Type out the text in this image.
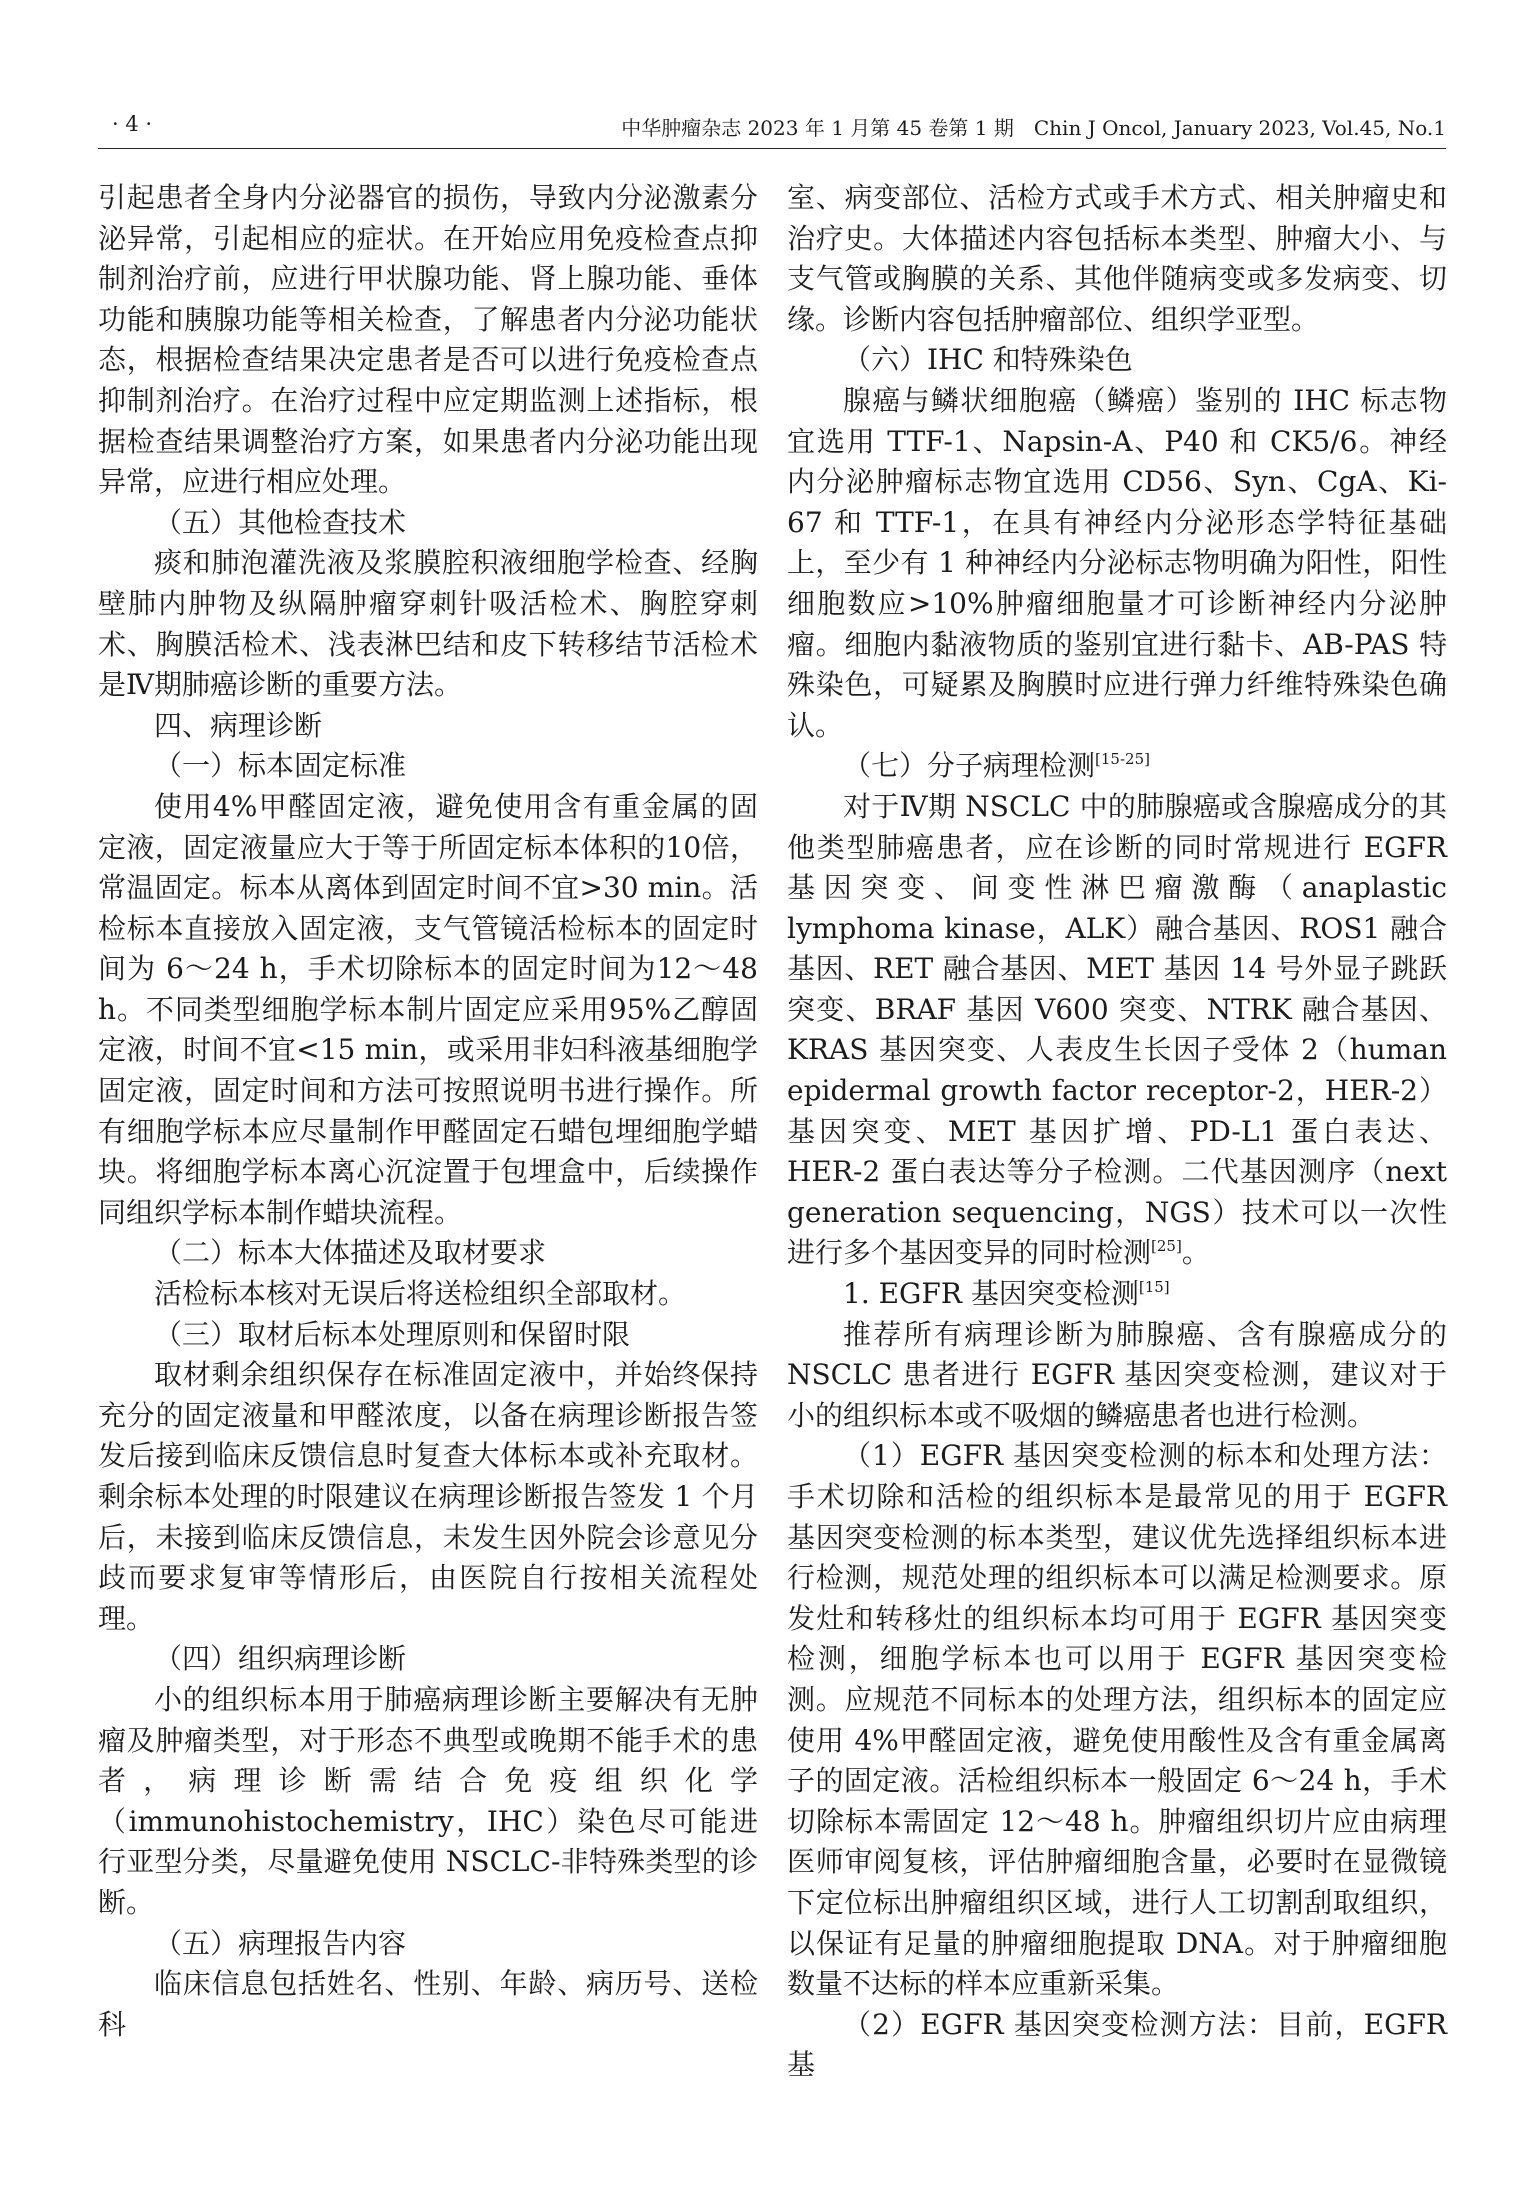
· 4 ·	中华肿瘤杂志 2023 年 1 月第 45 卷第 1 期　Chin J Oncol, January 2023, Vol.45, No.1

引起患者全身内分泌器官的损伤，导致内分泌激素分泌异常，引起相应的症状。在开始应用免疫检查点抑制剂治疗前，应进行甲状腺功能、肾上腺功能、垂体功能和胰腺功能等相关检查，了解患者内分泌功能状态，根据检查结果决定患者是否可以进行免疫检查点抑制剂治疗。在治疗过程中应定期监测上述指标，根据检查结果调整治疗方案，如果患者内分泌功能出现异常，应进行相应处理。

（五）其他检查技术

痰和肺泡灌洗液及浆膜腔积液细胞学检查、经胸壁肺内肿物及纵隔肿瘤穿刺针吸活检术、胸腔穿刺术、胸膜活检术、浅表淋巴结和皮下转移结节活检术是Ⅳ期肺癌诊断的重要方法。

四、病理诊断
（一）标本固定标准

使用4%甲醛固定液，避免使用含有重金属的固定液，固定液量应大于等于所固定标本体积的10倍，常温固定。标本从离体到固定时间不宜>30 min。活检标本直接放入固定液，支气管镜活检标本的固定时间为 6～24 h，手术切除标本的固定时间为12～48 h。不同类型细胞学标本制片固定应采用95%乙醇固定液，时间不宜<15 min，或采用非妇科液基细胞学固定液，固定时间和方法可按照说明书进行操作。所有细胞学标本应尽量制作甲醛固定石蜡包埋细胞学蜡块。将细胞学标本离心沉淀置于包埋盒中，后续操作同组织学标本制作蜡块流程。

（二）标本大体描述及取材要求

活检标本核对无误后将送检组织全部取材。

（三）取材后标本处理原则和保留时限

取材剩余组织保存在标准固定液中，并始终保持充分的固定液量和甲醛浓度，以备在病理诊断报告签发后接到临床反馈信息时复查大体标本或补充取材。剩余标本处理的时限建议在病理诊断报告签发 1 个月后，未接到临床反馈信息，未发生因外院会诊意见分歧而要求复审等情形后，由医院自行按相关流程处理。

（四）组织病理诊断

小的组织标本用于肺癌病理诊断主要解决有无肿瘤及肿瘤类型，对于形态不典型或晚期不能手术的患者，病理诊断需结合免疫组织化学（immunohistochemistry，IHC）染色尽可能进行亚型分类，尽量避免使用 NSCLC-非特殊类型的诊断。

（五）病理报告内容

临床信息包括姓名、性别、年龄、病历号、送检科

室、病变部位、活检方式或手术方式、相关肿瘤史和治疗史。大体描述内容包括标本类型、肿瘤大小、与支气管或胸膜的关系、其他伴随病变或多发病变、切缘。诊断内容包括肿瘤部位、组织学亚型。

（六）IHC 和特殊染色

腺癌与鳞状细胞癌（鳞癌）鉴别的 IHC 标志物宜选用 TTF-1、Napsin-A、P40 和 CK5/6。神经内分泌肿瘤标志物宜选用 CD56、Syn、CgA、Ki-67 和 TTF-1，在具有神经内分泌形态学特征基础上，至少有 1 种神经内分泌标志物明确为阳性，阳性细胞数应>10%肿瘤细胞量才可诊断神经内分泌肿瘤。细胞内黏液物质的鉴别宜进行黏卡、AB-PAS 特殊染色，可疑累及胸膜时应进行弹力纤维特殊染色确认。

（七）分子病理检测[15-25]

对于Ⅳ期 NSCLC 中的肺腺癌或含腺癌成分的其他类型肺癌患者，应在诊断的同时常规进行 EGFR 基因突变、间变性淋巴瘤激酶（anaplastic lymphoma kinase，ALK）融合基因、ROS1 融合基因、RET 融合基因、MET 基因 14 号外显子跳跃突变、BRAF 基因 V600 突变、NTRK 融合基因、KRAS 基因突变、人表皮生长因子受体 2（human epidermal growth factor receptor-2，HER-2）基因突变、MET 基因扩增、PD-L1 蛋白表达、HER-2 蛋白表达等分子检测。二代基因测序（next generation sequencing，NGS）技术可以一次性进行多个基因变异的同时检测[25]。

1. EGFR 基因突变检测[15]

推荐所有病理诊断为肺腺癌、含有腺癌成分的 NSCLC 患者进行 EGFR 基因突变检测，建议对于小的组织标本或不吸烟的鳞癌患者也进行检测。

（1）EGFR 基因突变检测的标本和处理方法：手术切除和活检的组织标本是最常见的用于 EGFR 基因突变检测的标本类型，建议优先选择组织标本进行检测，规范处理的组织标本可以满足检测要求。原发灶和转移灶的组织标本均可用于 EGFR 基因突变检测，细胞学标本也可以用于 EGFR 基因突变检测。应规范不同标本的处理方法，组织标本的固定应使用 4%甲醛固定液，避免使用酸性及含有重金属离子的固定液。活检组织标本一般固定 6～24 h，手术切除标本需固定 12～48 h。肿瘤组织切片应由病理医师审阅复核，评估肿瘤细胞含量，必要时在显微镜下定位标出肿瘤组织区域，进行人工切割刮取组织，以保证有足量的肿瘤细胞提取 DNA。对于肿瘤细胞数量不达标的样本应重新采集。

（2）EGFR 基因突变检测方法：目前，EGFR 基
